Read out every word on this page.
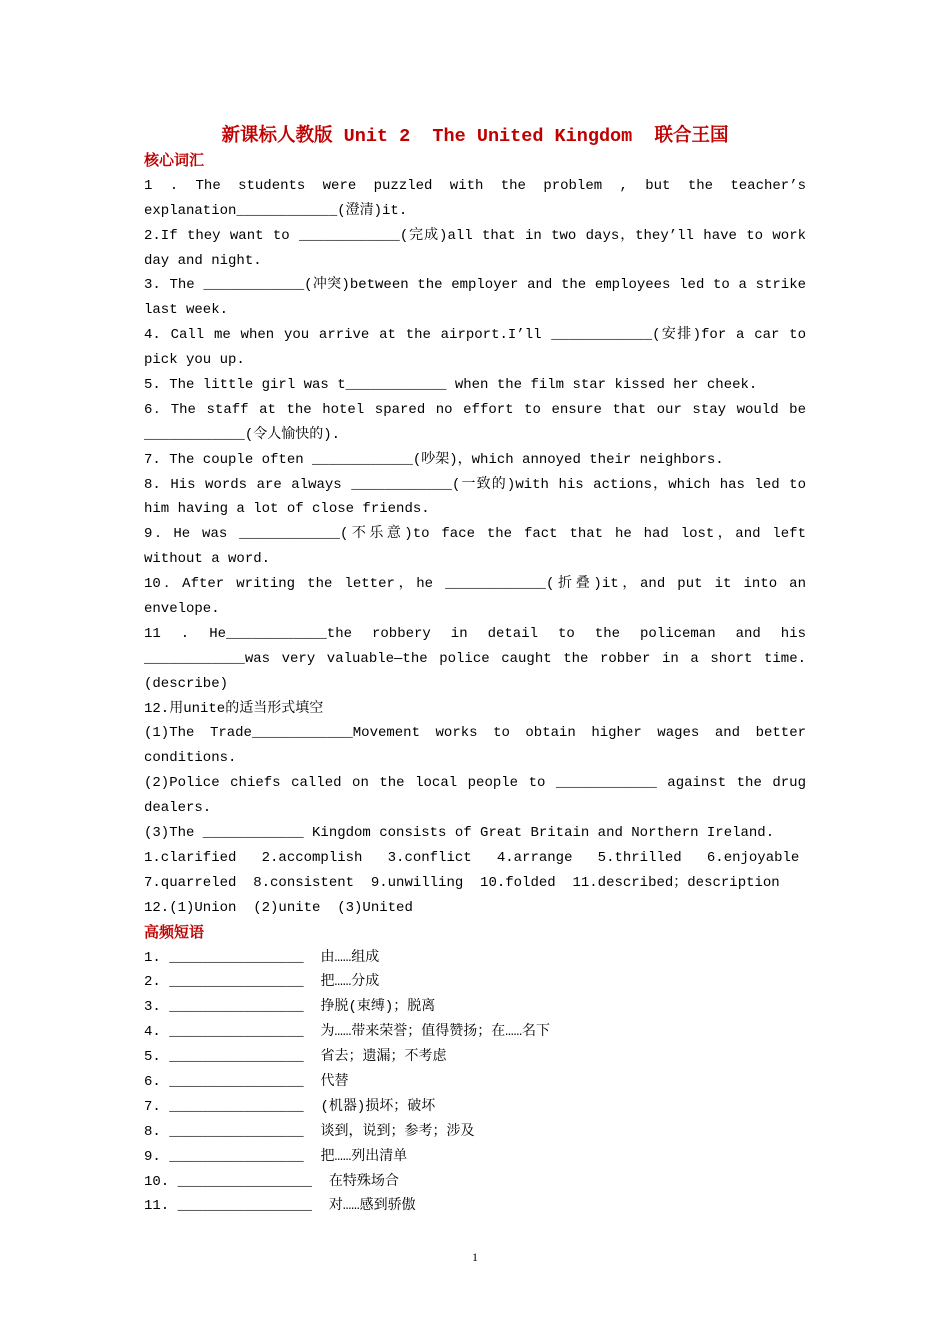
新课标人教版 Unit 2  The United Kingdom  联合王国
核心词汇
1 . The students were puzzled with the problem , but the teacher’s
explanation____________(澄清)it.
2.If they want to ____________(完成)all that in two days，they’ll have to work
day and night.
3. The ____________(冲突)between the employer and the employees led to a strike
last week.
4. Call me when you arrive at the airport.I’ll ____________(安排)for a car to
pick you up.
5. The little girl was t____________ when the film star kissed her cheek.
6．The staff at the hotel spared no effort to ensure that our stay would be
____________(令人愉快的).
7. The couple often ____________(吵架)，which annoyed their neighbors.
8. His words are always ____________(一致的)with his actions，which has led to
him having a lot of close friends.
9．He was ____________(不乐意)to face the fact that he had lost，and left
without a word.
10．After writing the letter，he ____________(折叠)it，and put it into an
envelope.
11 . He____________the robbery in detail to the policeman and his
____________was very valuable—the police caught the robber in a short time.
(describe)
12.用unite的适当形式填空
(1)The Trade____________Movement works to obtain higher wages and better
conditions.
(2)Police chiefs called on the local people to ____________ against the drug
dealers.
(3)The ____________ Kingdom consists of Great Britain and Northern Ireland.
1.clarified   2.accomplish   3.conflict   4.arrange   5.thrilled   6.enjoyable
7.quarreled  8.consistent  9.unwilling  10.folded  11.described；description
12.(1)Union  (2)unite  (3)United
高频短语
1. ________________ 由……组成
2. ________________ 把……分成
3. ________________ 挣脱(束缚)；脱离
4. ________________ 为……带来荣誉；值得赞扬；在……名下
5. ________________ 省去；遗漏；不考虑
6. ________________ 代替
7. ________________ (机器)损坏；破坏
8. ________________ 谈到，说到；参考；涉及
9. ________________ 把……列出清单
10. ________________ 在特殊场合
11. ________________ 对……感到骄傲
1
